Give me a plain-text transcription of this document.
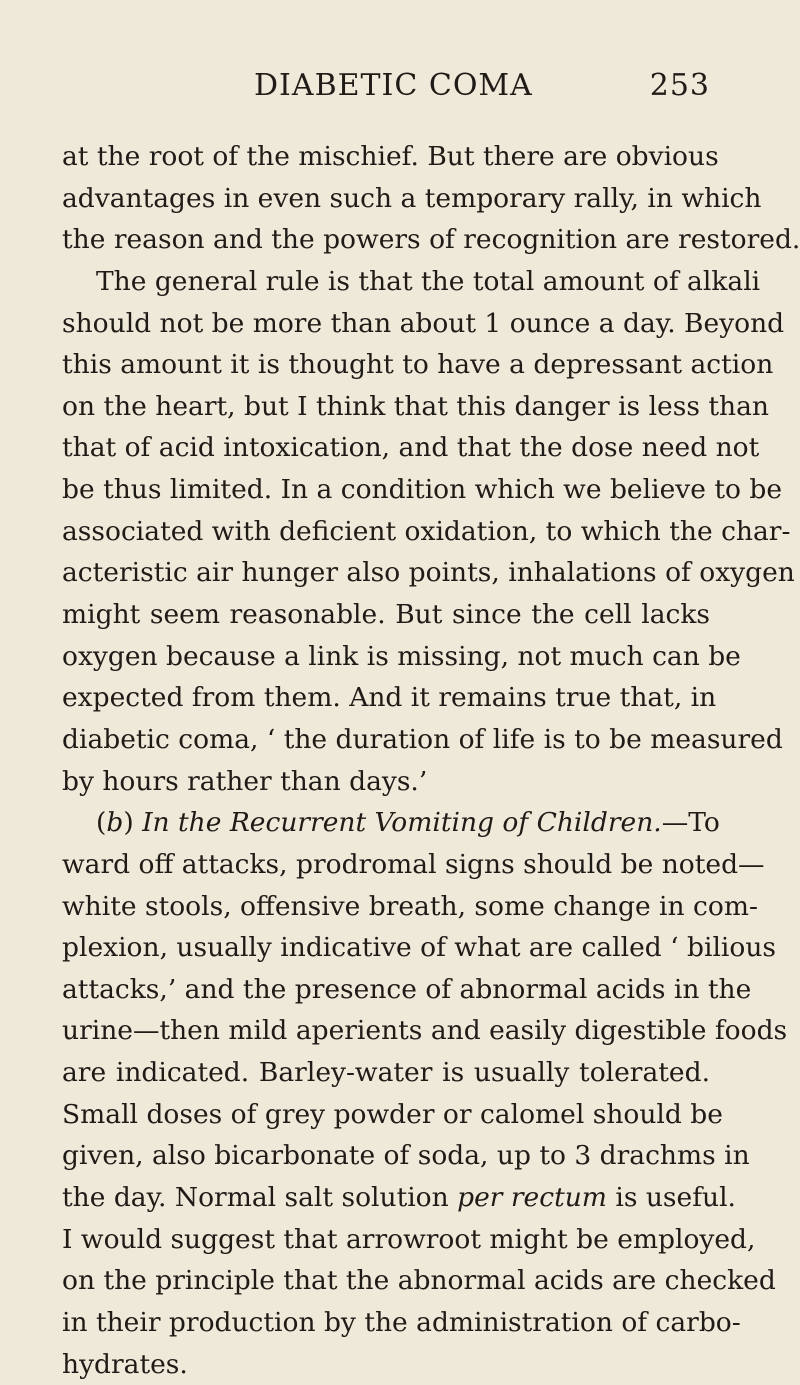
DIABETIC COMA	253
at the root of the mischief. But there are obvious
advantages in even such a temporary rally, in which
the reason and the powers of recognition are restored.
The general rule is that the total amount of alkali
should not be more than about 1 ounce a day. Beyond
this amount it is thought to have a depressant action
on the heart, but I think that this danger is less than
that of acid intoxication, and that the dose need not
be thus limited. In a condition which we believe to be
associated with deficient oxidation, to which the char-
acteristic air hunger also points, inhalations of oxygen
might seem reasonable. But since the cell lacks
oxygen because a link is missing, not much can be
expected from them. And it remains true that, in
diabetic coma, ‘ the duration of life is to be measured
by hours rather than days.’
(b) In the Recurrent Vomiting of Children.—To
ward off attacks, prodromal signs should be noted—
white stools, offensive breath, some change in com-
plexion, usually indicative of what are called ‘ bilious
attacks,’ and the presence of abnormal acids in the
urine—then mild aperients and easily digestible foods
are indicated. Barley-water is usually tolerated.
Small doses of grey powder or calomel should be
given, also bicarbonate of soda, up to 3 drachms in
the day. Normal salt solution per rectum is useful.
I would suggest that arrowroot might be employed,
on the principle that the abnormal acids are checked
in their production by the administration of carbo-
hydrates.
